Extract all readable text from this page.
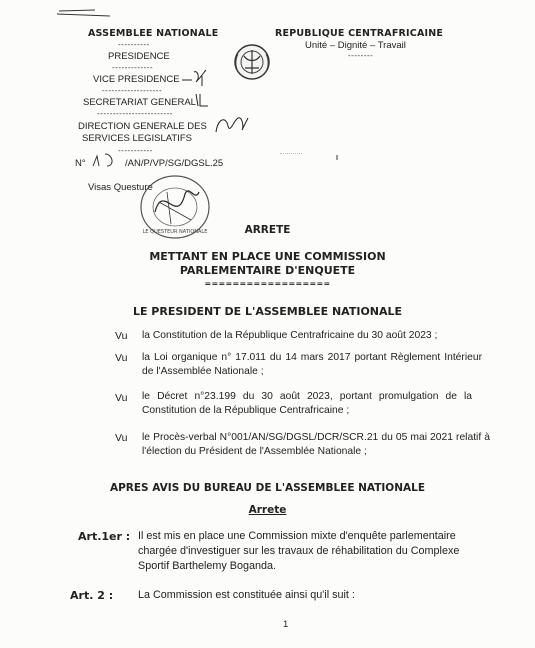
ASSEMBLEE NATIONALE
----------
PRESIDENCE
-------------
VICE PRESIDENCE
-------------------
SECRETARIAT GENERAL
------------------------
DIRECTION GENERALE DES
SERVICES LEGISLATIFS
-----------
N°	/AN/P/VP/SG/DGSL.25
Visas Questure
LE QUESTEUR NATIONALE
REPUBLIQUE CENTRAFRICAINE
Unité – Dignité – Travail
--------
ARRETE
METTANT EN PLACE UNE COMMISSION
PARLEMENTAIRE D'ENQUETE
==================
LE PRESIDENT DE L'ASSEMBLEE NATIONALE
Vu la Constitution de la République Centrafricaine du 30 août 2023 ;
Vu la Loi organique n° 17.011 du 14 mars 2017 portant Règlement Intérieur de l'Assemblée Nationale ;
Vu le Décret n°23.199 du 30 août 2023, portant promulgation de la Constitution de la République Centrafricaine ;
Vu le Procès-verbal N°001/AN/SG/DGSL/DCR/SCR.21 du 05 mai 2021 relatif à l'élection du Président de l'Assemblée Nationale ;
APRES AVIS DU BUREAU DE L'ASSEMBLEE NATIONALE
Arrete
Art.1er : Il est mis en place une Commission mixte d'enquête parlementaire chargée d'investiguer sur les travaux de réhabilitation du Complexe Sportif Barthelemy Boganda.
Art. 2 : La Commission est constituée ainsi qu'il suit :
1
